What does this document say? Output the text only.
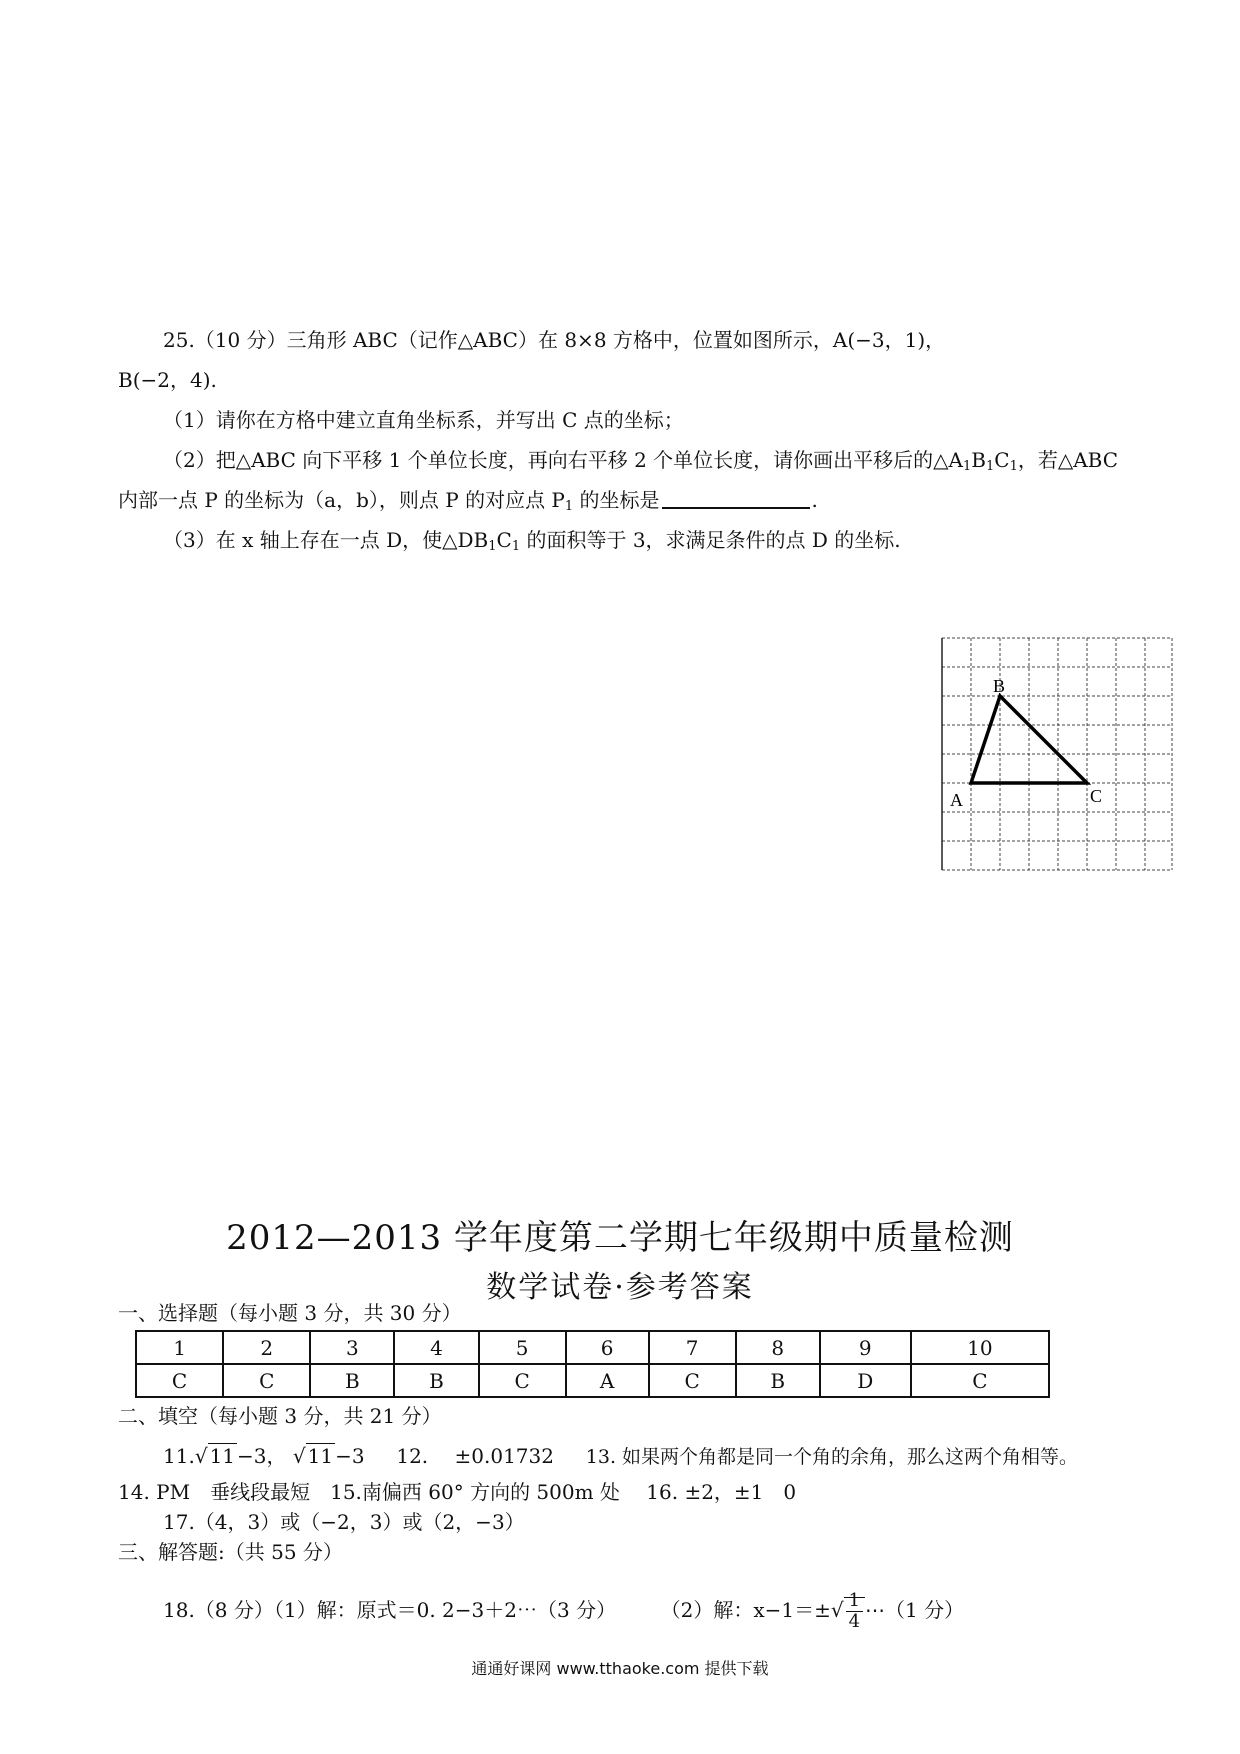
25.（10 分）三角形 ABC（记作△ABC）在 8×8 方格中，位置如图所示，A(−3，1)，
B(−2，4).
（1）请你在方格中建立直角坐标系，并写出 C 点的坐标；
（2）把△ABC 向下平移 1 个单位长度，再向右平移 2 个单位长度，请你画出平移后的$\triangle A_1B_1C_1$，若△ABC
内部一点 P 的坐标为（a，b），则点 P 的对应点 $P_1$ 的坐标是	.
（3）在 x 轴上存在一点 D，使$\triangle DB_1C_1$ 的面积等于 3，求满足条件的点 D 的坐标.
A
B
C
2012—2013 学年度第二学期七年级期中质量检测
数学试卷·参考答案
一、选择题（每小题 3 分，共 30 分）
1	2	3	4	5	6	7	8	9	10
C	C	B	B	C	A	C	B	D	C
二、填空（每小题 3 分，共 21 分）
11.√ 11 −3， √ 11 −3 12.　 ±0.01732 13. 如果两个角都是同一个角的余角，那么这两个角相等。
14. PM　垂线段最短　15.南偏西 60° 方向的 500m 处　 16. ±2，±1　0
17.（4，3）或（−2，3）或（2，−3）
三、解答题:（共 55 分）
18.（8 分）（1）解：原式＝0. 2−3＋2⋯（3 分） （2）解：$x-1=\pm√ \frac{1}{4}$ ⋯（1 分）
通通好课网 www.tthaoke.com 提供下载
